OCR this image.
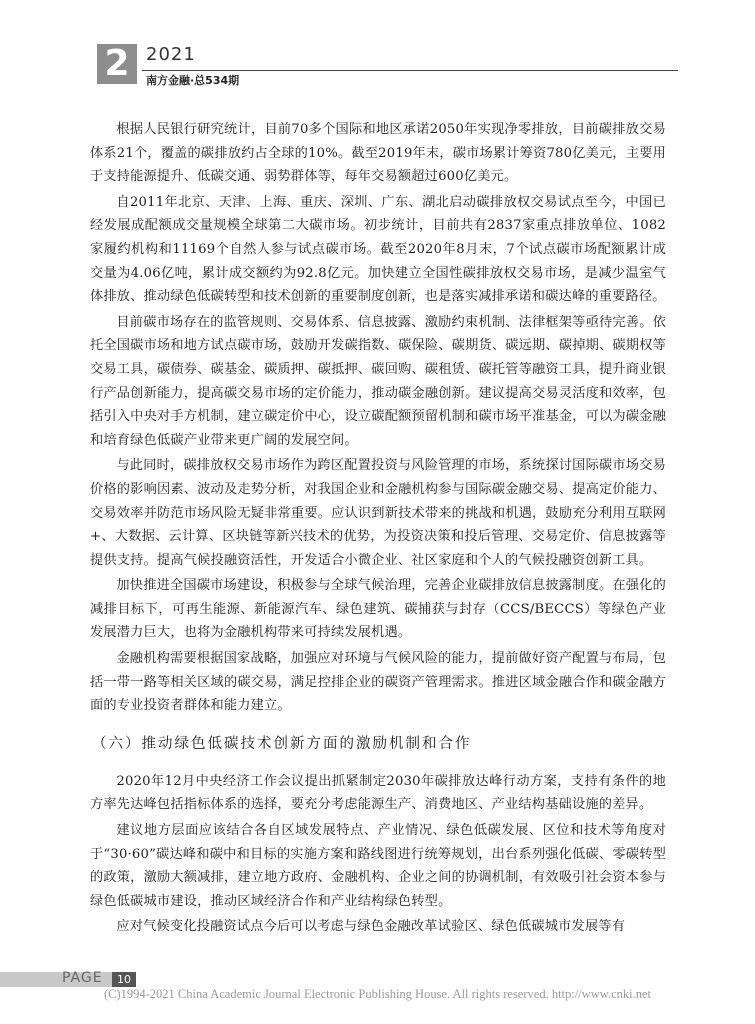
2 2021
南方金融·总534期

根据人民银行研究统计，目前70多个国际和地区承诺2050年实现净零排放，目前碳排放交易体系21个，覆盖的碳排放约占全球的10%。截至2019年末，碳市场累计筹资780亿美元，主要用于支持能源提升、低碳交通、弱势群体等，每年交易额超过600亿美元。

自2011年北京、天津、上海、重庆、深圳、广东、湖北启动碳排放权交易试点至今，中国已经发展成配额成交量规模全球第二大碳市场。初步统计，目前共有2837家重点排放单位、1082家履约机构和11169个自然人参与试点碳市场。截至2020年8月末，7个试点碳市场配额累计成交量为4.06亿吨，累计成交额约为92.8亿元。加快建立全国性碳排放权交易市场，是减少温室气体排放、推动绿色低碳转型和技术创新的重要制度创新，也是落实减排承诺和碳达峰的重要路径。

目前碳市场存在的监管规则、交易体系、信息披露、激励约束机制、法律框架等亟待完善。依托全国碳市场和地方试点碳市场，鼓励开发碳指数、碳保险、碳期货、碳远期、碳掉期、碳期权等交易工具，碳债券、碳基金、碳质押、碳抵押、碳回购、碳租赁、碳托管等融资工具，提升商业银行产品创新能力，提高碳交易市场的定价能力，推动碳金融创新。建议提高交易灵活度和效率，包括引入中央对手方机制，建立碳定价中心，设立碳配额预留机制和碳市场平准基金，可以为碳金融和培育绿色低碳产业带来更广阔的发展空间。

与此同时，碳排放权交易市场作为跨区配置投资与风险管理的市场，系统探讨国际碳市场交易价格的影响因素、波动及走势分析，对我国企业和金融机构参与国际碳金融交易、提高定价能力、交易效率并防范市场风险无疑非常重要。应认识到新技术带来的挑战和机遇，鼓励充分利用互联网+、大数据、云计算、区块链等新兴技术的优势，为投资决策和投后管理、交易定价、信息披露等提供支持。提高气候投融资活性，开发适合小微企业、社区家庭和个人的气候投融资创新工具。

加快推进全国碳市场建设，积极参与全球气候治理，完善企业碳排放信息披露制度。在强化的减排目标下，可再生能源、新能源汽车、绿色建筑、碳捕获与封存（CCS/BECCS）等绿色产业发展潜力巨大，也将为金融机构带来可持续发展机遇。

金融机构需要根据国家战略，加强应对环境与气候风险的能力，提前做好资产配置与布局，包括一带一路等相关区域的碳交易，满足控排企业的碳资产管理需求。推进区域金融合作和碳金融方面的专业投资者群体和能力建立。

（六）推动绿色低碳技术创新方面的激励机制和合作

2020年12月中央经济工作会议提出抓紧制定2030年碳排放达峰行动方案，支持有条件的地方率先达峰包括指标体系的选择，要充分考虑能源生产、消费地区、产业结构基础设施的差异。

建议地方层面应该结合各自区域发展特点、产业情况、绿色低碳发展、区位和技术等角度对于“30·60”碳达峰和碳中和目标的实施方案和路线图进行统筹规划，出台系列强化低碳、零碳转型的政策，激励大额减排，建立地方政府、金融机构、企业之间的协调机制，有效吸引社会资本参与绿色低碳城市建设，推动区域经济合作和产业结构绿色转型。

应对气候变化投融资试点今后可以考虑与绿色金融改革试验区、绿色低碳城市发展等有

PAGE	10
(C)1994-2021 China Academic Journal Electronic Publishing House. All rights reserved. http://www.cnki.net
